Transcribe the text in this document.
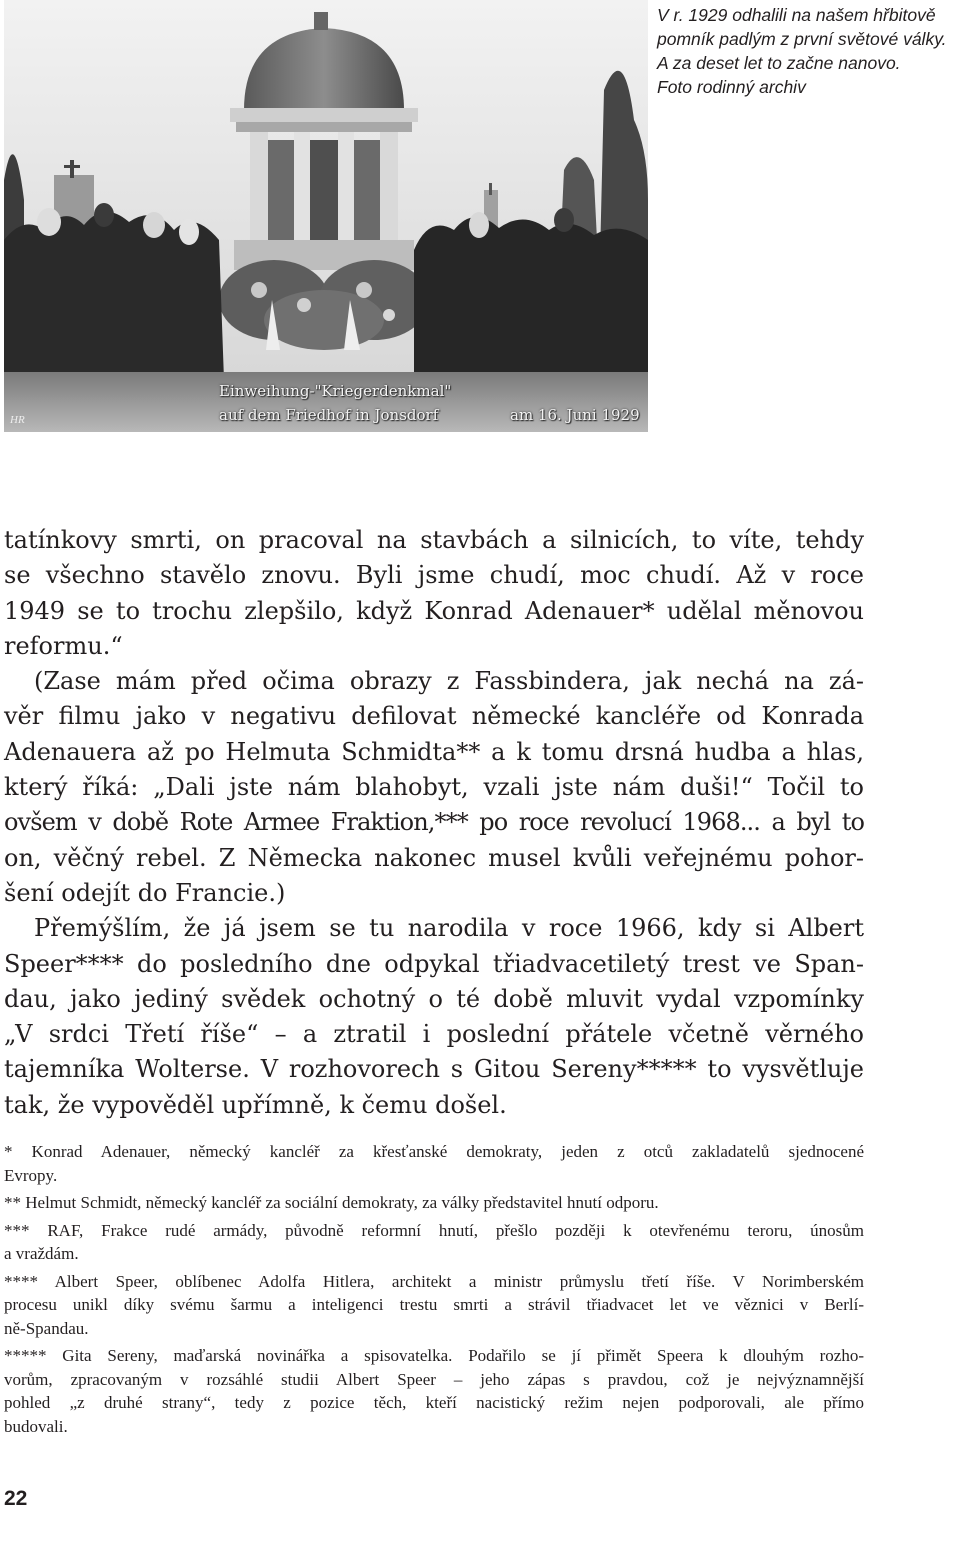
Einweihung-"Kriegerdenkmal"
auf dem Friedhof in Jonsdorf	am 16. Juni 1929
HR
V r. 1929 odhalili na našem hřbitově
pomník padlým z první světové války.
A za deset let to začne nanovo.
Foto rodinný archiv
tatínkovy smrti, on pracoval na stavbách a silnicích, to víte, tehdy
se všechno stavělo znovu. Byli jsme chudí, moc chudí. Až v roce
1949 se to trochu zlepšilo, když Konrad Adenauer* udělal měnovou
reformu.“
(Zase mám před očima obrazy z Fassbindera, jak nechá na zá-
věr filmu jako v negativu defilovat německé kancléře od Konrada
Adenauera až po Helmuta Schmidta** a k tomu drsná hudba a hlas,
který říká: „Dali jste nám blahobyt, vzali jste nám duši!“ Točil to
ovšem v době Rote Armee Fraktion,*** po roce revolucí 1968... a byl to
on, věčný rebel. Z Německa nakonec musel kvůli veřejnému pohor-
šení odejít do Francie.)
Přemýšlím, že já jsem se tu narodila v roce 1966, kdy si Albert
Speer**** do posledního dne odpykal třiadvacetiletý trest ve Span-
dau, jako jediný svědek ochotný o té době mluvit vydal vzpomínky
„V srdci Třetí říše“ – a ztratil i poslední přátele včetně věrného
tajemníka Wolterse. V rozhovorech s Gitou Sereny***** to vysvětluje
tak, že vypověděl upřímně, k čemu došel.
* Konrad Adenauer, německý kancléř za křesťanské demokraty, jeden z otců zakladatelů sjednocené
Evropy.
** Helmut Schmidt, německý kancléř za sociální demokraty, za války představitel hnutí odporu.
*** RAF, Frakce rudé armády, původně reformní hnutí, přešlo později k otevřenému teroru, únosům
a vraždám.
**** Albert Speer, oblíbenec Adolfa Hitlera, architekt a ministr průmyslu třetí říše. V Norimberském
procesu unikl díky svému šarmu a inteligenci trestu smrti a strávil třiadvacet let ve věznici v Berlí-
ně-Spandau.
***** Gita Sereny, maďarská novinářka a spisovatelka. Podařilo se jí přimět Speera k dlouhým rozho-
vorům, zpracovaným v rozsáhlé studii Albert Speer – jeho zápas s pravdou, což je nejvýznamnější
pohled „z druhé strany“, tedy z pozice těch, kteří nacistický režim nejen podporovali, ale přímo
budovali.
22
